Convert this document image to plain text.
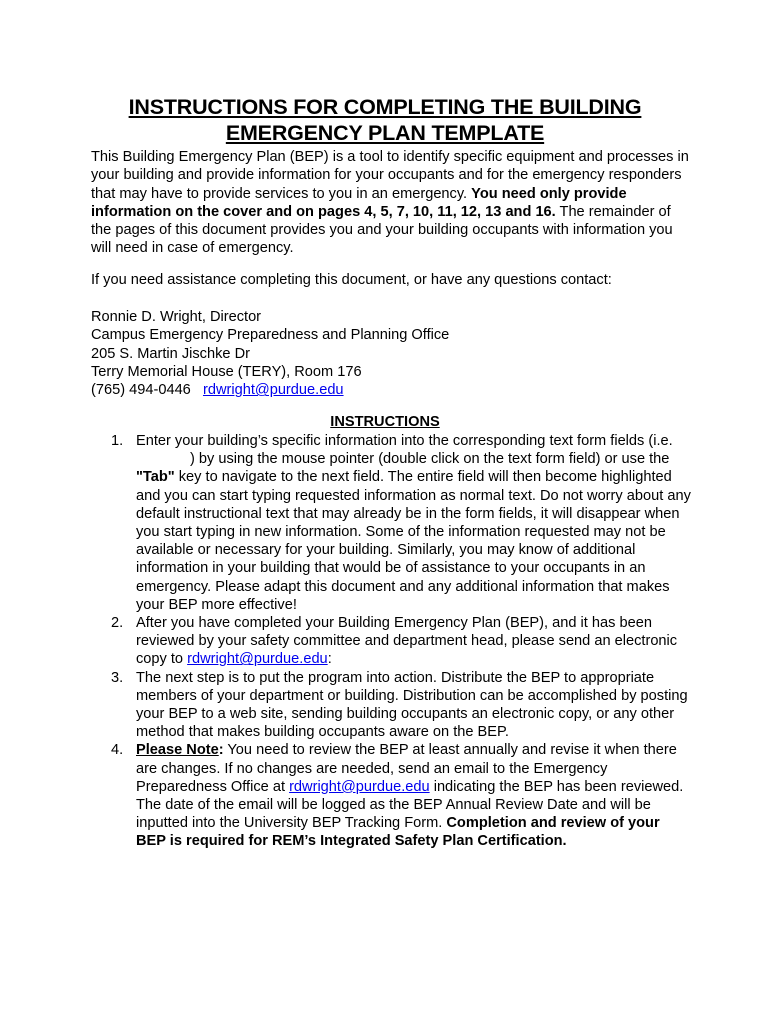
INSTRUCTIONS FOR COMPLETING THE BUILDING
EMERGENCY PLAN TEMPLATE
This Building Emergency Plan (BEP) is a tool to identify specific equipment and processes in your building and provide information for your occupants and for the emergency responders that may have to provide services to you in an emergency. You need only provide information on the cover and on pages 4, 5, 7, 10, 11, 12, 13 and 16. The remainder of the pages of this document provides you and your building occupants with information you will need in case of emergency.
If you need assistance completing this document, or have any questions contact:
Ronnie D. Wright, Director
Campus Emergency Preparedness and Planning Office
205 S. Martin Jischke Dr
Terry Memorial House (TERY), Room 176
(765) 494-0446 rdwright@purdue.edu
INSTRUCTIONS
1. Enter your building’s specific information into the corresponding text form fields (i.e.) by using the mouse pointer (double click on the text form field) or use the "Tab" key to navigate to the next field. The entire field will then become highlighted and you can start typing requested information as normal text. Do not worry about any default instructional text that may already be in the form fields, it will disappear when you start typing in new information. Some of the information requested may not be available or necessary for your building. Similarly, you may know of additional information in your building that would be of assistance to your occupants in an emergency. Please adapt this document and any additional information that makes your BEP more effective!
2. After you have completed your Building Emergency Plan (BEP), and it has been reviewed by your safety committee and department head, please send an electronic copy to rdwright@purdue.edu:
3. The next step is to put the program into action. Distribute the BEP to appropriate members of your department or building. Distribution can be accomplished by posting your BEP to a web site, sending building occupants an electronic copy, or any other method that makes building occupants aware on the BEP.
4. Please Note: You need to review the BEP at least annually and revise it when there are changes. If no changes are needed, send an email to the Emergency Preparedness Office at rdwright@purdue.edu indicating the BEP has been reviewed. The date of the email will be logged as the BEP Annual Review Date and will be inputted into the University BEP Tracking Form. Completion and review of your BEP is required for REM’s Integrated Safety Plan Certification.
